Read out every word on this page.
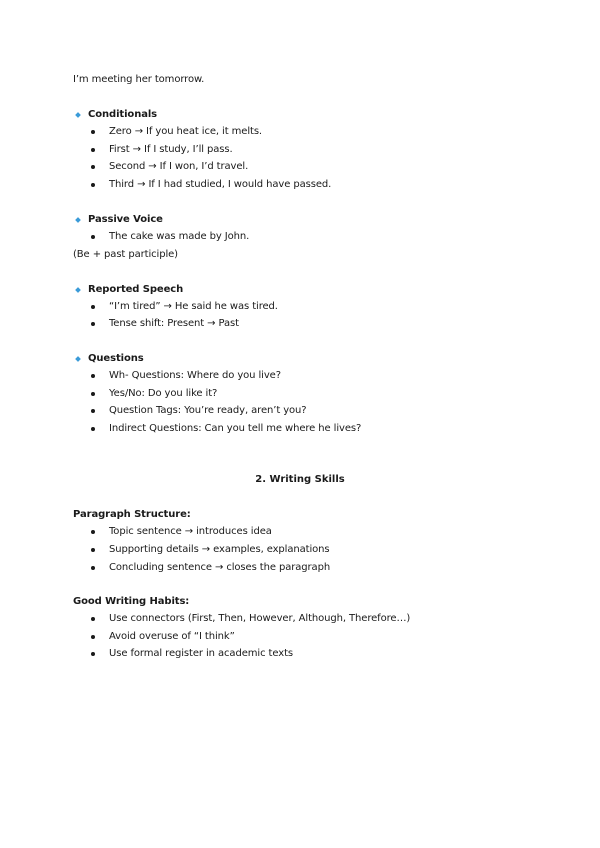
I’m meeting her tomorrow.
Conditionals
Zero → If you heat ice, it melts.
First → If I study, I’ll pass.
Second → If I won, I’d travel.
Third → If I had studied, I would have passed.
Passive Voice
The cake was made by John.
(Be + past participle)
Reported Speech
“I’m tired” → He said he was tired.
Tense shift: Present → Past
Questions
Wh- Questions: Where do you live?
Yes/No: Do you like it?
Question Tags: You’re ready, aren’t you?
Indirect Questions: Can you tell me where he lives?
2. Writing Skills
Paragraph Structure:
Topic sentence → introduces idea
Supporting details → examples, explanations
Concluding sentence → closes the paragraph
Good Writing Habits:
Use connectors (First, Then, However, Although, Therefore…)
Avoid overuse of “I think”
Use formal register in academic texts
